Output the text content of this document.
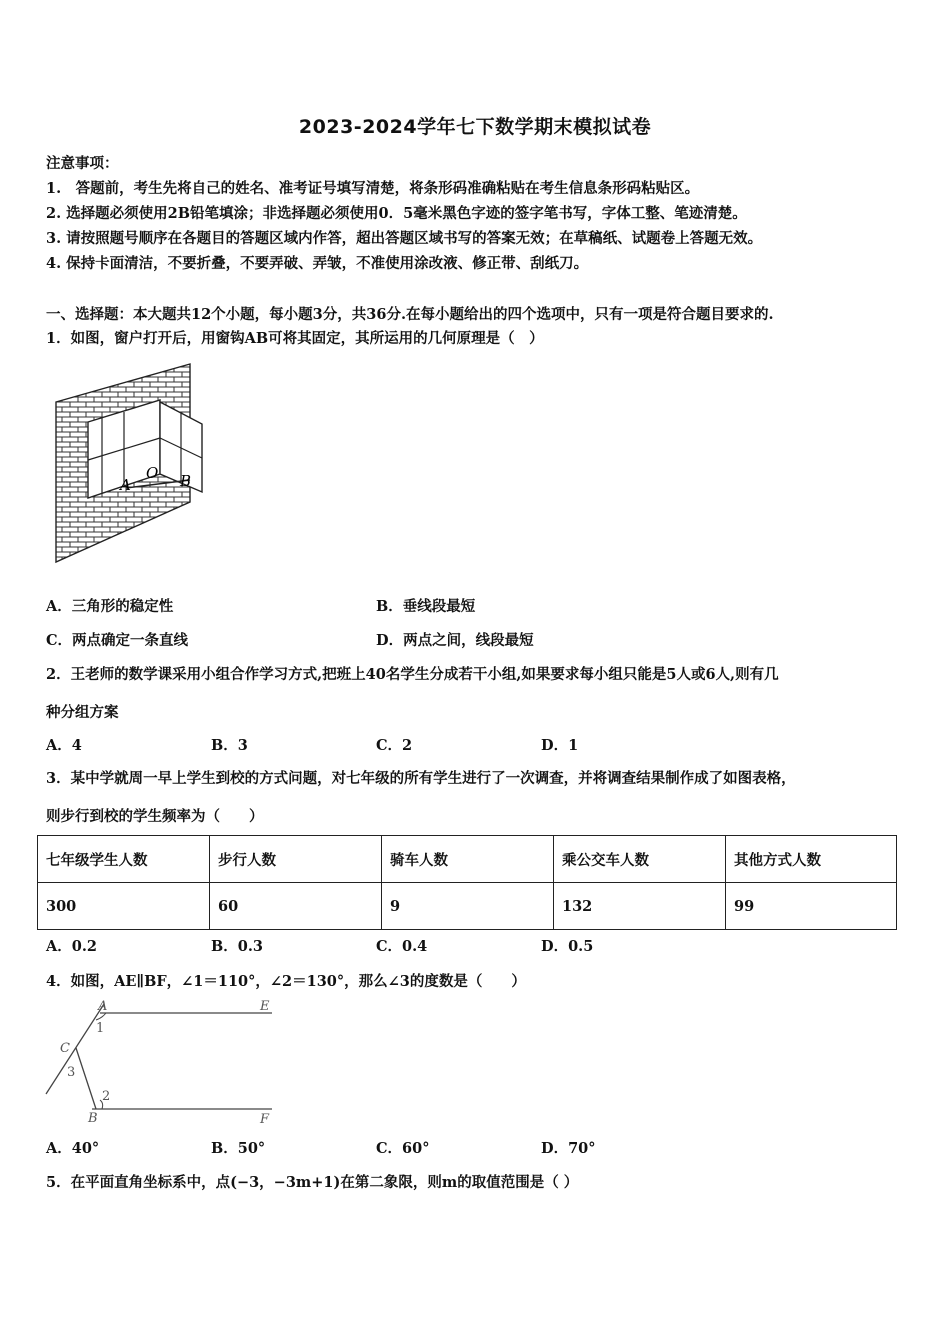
2023-2024学年七下数学期末模拟试卷
注意事项：
1.　答题前，考生先将自己的姓名、准考证号填写清楚，将条形码准确粘贴在考生信息条形码粘贴区。
2. 选择题必须使用2B铅笔填涂；非选择题必须使用0．5毫米黑色字迹的签字笔书写，字体工整、笔迹清楚。
3. 请按照题号顺序在各题目的答题区域内作答，超出答题区域书写的答案无效；在草稿纸、试题卷上答题无效。
4. 保持卡面清洁，不要折叠，不要弄破、弄皱，不准使用涂改液、修正带、刮纸刀。
一、选择题：本大题共12个小题，每小题3分，共36分.在每小题给出的四个选项中，只有一项是符合题目要求的.
1．如图，窗户打开后，用窗钩AB可将其固定，其所运用的几何原理是（　）
A
O B
A．三角形的稳定性	B．垂线段最短
C．两点确定一条直线	D．两点之间，线段最短
2．王老师的数学课采用小组合作学习方式,把班上40名学生分成若干小组,如果要求每小组只能是5人或6人,则有几
种分组方案
A．4	B．3	C．2	D．1
3．某中学就周一早上学生到校的方式问题，对七年级的所有学生进行了一次调查，并将调查结果制作成了如图表格，
则步行到校的学生频率为（　　）
七年级学生人数	步行人数	骑车人数	乘公交车人数	其他方式人数
300	60	9	132	99
A．0.2	B．0.3	C．0.4	D．0.5
4．如图，AE∥BF，∠1＝110°，∠2＝130°，那么∠3的度数是（　　）
A	E
C
B	F
1
2
3
A．40°	B．50°	C．60°	D．70°
5．在平面直角坐标系中，点(−3，−3m+1)在第二象限，则m的取值范围是（ ）
